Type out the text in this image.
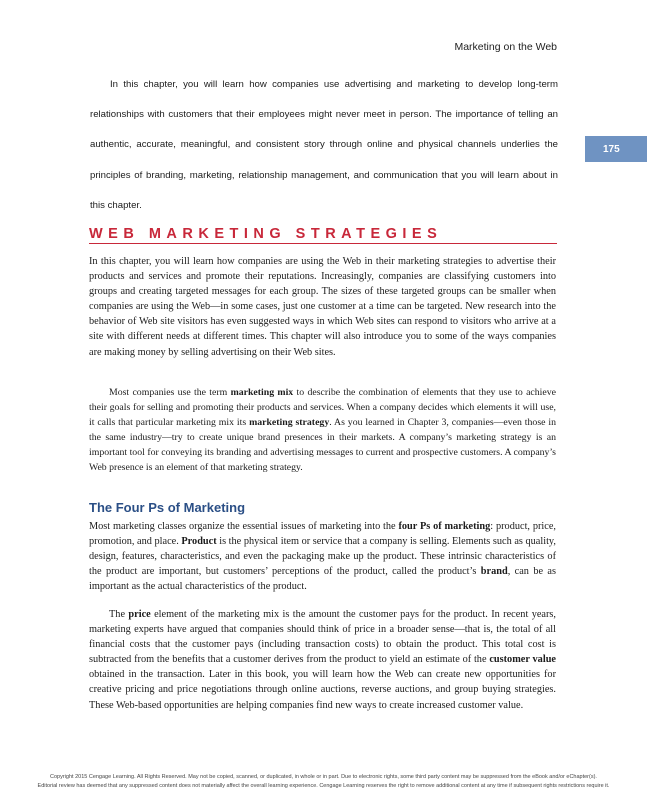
Marketing on the Web
175

In this chapter, you will learn how companies use advertising and marketing to develop long-term relationships with customers that their employees might never meet in person. The importance of telling an authentic, accurate, meaningful, and consistent story through online and physical channels underlies the principles of branding, marketing, relationship management, and communication that you will learn about in this chapter.

WEB MARKETING STRATEGIES

In this chapter, you will learn how companies are using the Web in their marketing strategies to advertise their products and services and promote their reputations. Increasingly, companies are classifying customers into groups and creating targeted messages for each group. The sizes of these targeted groups can be smaller when companies are using the Web—in some cases, just one customer at a time can be targeted. New research into the behavior of Web site visitors has even suggested ways in which Web sites can respond to visitors who arrive at a site with different needs at different times. This chapter will also introduce you to some of the ways companies are making money by selling advertising on their Web sites.

Most companies use the term marketing mix to describe the combination of elements that they use to achieve their goals for selling and promoting their products and services. When a company decides which elements it will use, it calls that particular marketing mix its marketing strategy. As you learned in Chapter 3, companies—even those in the same industry—try to create unique brand presences in their markets. A company’s marketing strategy is an important tool for conveying its branding and advertising messages to current and prospective customers. A company’s Web presence is an element of that marketing strategy.

The Four Ps of Marketing

Most marketing classes organize the essential issues of marketing into the four Ps of marketing: product, price, promotion, and place. Product is the physical item or service that a company is selling. Elements such as quality, design, features, characteristics, and even the packaging make up the product. These intrinsic characteristics of the product are important, but customers’ perceptions of the product, called the product’s brand, can be as important as the actual characteristics of the product.

The price element of the marketing mix is the amount the customer pays for the product. In recent years, marketing experts have argued that companies should think of price in a broader sense—that is, the total of all financial costs that the customer pays (including transaction costs) to obtain the product. This total cost is subtracted from the benefits that a customer derives from the product to yield an estimate of the customer value obtained in the transaction. Later in this book, you will learn how the Web can create new opportunities for creative pricing and price negotiations through online auctions, reverse auctions, and group buying strategies. These Web-based opportunities are helping companies find new ways to create increased customer value.

Copyright 2015 Cengage Learning. All Rights Reserved. May not be copied, scanned, or duplicated, in whole or in part. Due to electronic rights, some third party content may be suppressed from the eBook and/or eChapter(s).
Editorial review has deemed that any suppressed content does not materially affect the overall learning experience. Cengage Learning reserves the right to remove additional content at any time if subsequent rights restrictions require it.
